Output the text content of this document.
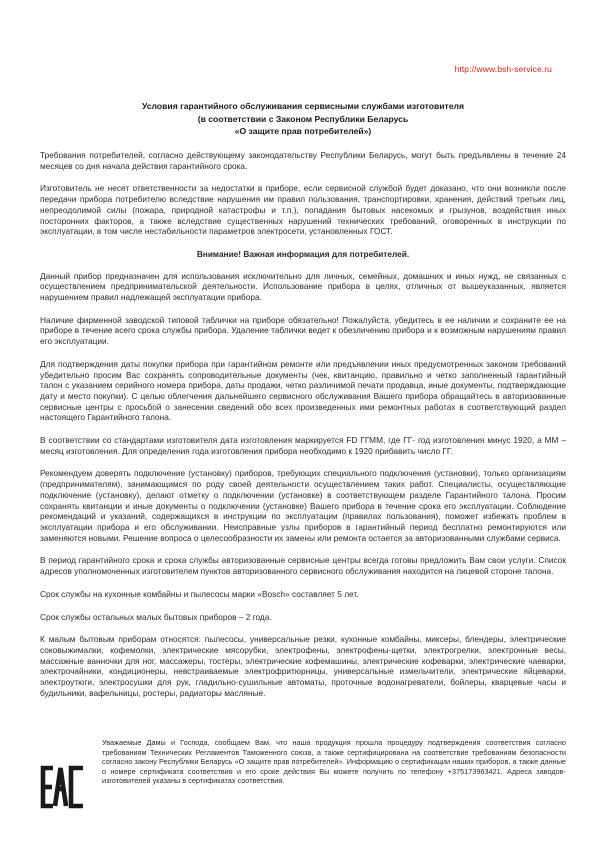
http://www.bsh-service.ru
Условия гарантийного обслуживания сервисными службами изготовителя
(в соответствии с Законом Республики Беларусь
«О защите прав потребителей»)

Требования потребителей, согласно действующему законодательству Республики Беларусь, могут быть предъявлены в течение 24 месяцев со дня начала действия гарантийного срока.

Изготовитель не несет ответственности за недостатки в приборе, если сервисной службой будет доказано, что они возникли после передачи прибора потребителю вследствие нарушения им правил пользования, транспортировки, хранения, действий третьих лиц, непреодолимой силы (пожара, природной катастрофы и т.п.), попадания бытовых насекомых и грызунов, воздействия иных посторонних факторов, а также вследствие существенных нарушений технических требований, оговоренных в инструкции по эксплуатации, в том числе нестабильности параметров электросети, установленных ГОСТ.

Внимание! Важная информация для потребителей.

Данный прибор предназначен для использования исключительно для личных, семейных, домашних и иных нужд, не связанных с осуществлением предпринимательской деятельности. Использование прибора в целях, отличных от вышеуказанных, является нарушением правил надлежащей эксплуатации прибора.

Наличие фирменной заводской типовой таблички на приборе обязательно! Пожалуйста, убедитесь в ее наличии и сохраните ее на приборе в течение всего срока службы прибора. Удаление таблички ведет к обезличению прибора и к возможным нарушениям правил его эксплуатации.

Для подтверждения даты покупки прибора при гарантийном ремонте или предъявлении иных предусмотренных законом требований убедительно просим Вас сохранять сопроводительные документы (чек, квитанцию, правильно и четко заполненный гарантийный талон с указанием серийного номера прибора, даты продажи, четко различимой печати продавца, иные документы, подтверждающие дату и место покупки). С целью облегчения дальнейшего сервисного обслуживания Вашего прибора обращайтесь в авторизованные сервисные центры с просьбой о занесении сведений обо всех произведенных ими ремонтных работах в соответствующий раздел настоящего Гарантийного талона.

В соответствии со стандартами изготовителя дата изготовления маркируется FD ГГММ, где ГГ- год изготовления минус 1920, а ММ – месяц изготовления. Для определения года изготовления прибора необходимо к 1920 прибавить число ГГ.

Рекомендуем доверять подключение (установку) приборов, требующих специального подключения (установки), только организациям (предпринимателям), занимающимся по роду своей деятельности осуществлением таких работ. Специалисты, осуществляющие подключение (установку), делают отметку о подключении (установке) в соответствующем разделе Гарантийного талона. Просим сохранять квитанции и иные документы о подключении (установке) Вашего прибора в течение срока его эксплуатации. Соблюдение рекомендаций и указаний, содержащихся в инструкции по эксплуатации (правилах пользования), поможет избежать проблем в эксплуатации прибора и его обслуживании. Неисправные узлы приборов в гарантийный период бесплатно ремонтируются или заменяются новыми. Решение вопроса о целесообразности их замены или ремонта остается за авторизованными службами сервиса.

В период гарантийного срока и срока службы авторизованные сервисные центры всегда готовы предложить Вам свои услуги. Список адресов уполномоченных изготовителем пунктов авторизованного сервисного обслуживания находится на лицевой стороне талона.

Срок службы на кухонные комбайны и пылесосы марки «Bosch» составляет 5 лет.

Срок службы остальных малых бытовых приборов – 2 года.

К малым бытовым приборам относятся: пылесосы, универсальные резки, кухонные комбайны, миксеры, блендеры, электрические соковыжималки, кофемолки, электрические мясорубки, электрофены, электрофены-щетки, электрогрелки, электронные весы, массажные ванночки для ног, массажеры, тостеры, электрические кофемашины, электрические кофеварки, электрические чаеварки, электрочайники, кондиционеры, невстраиваемые электрофритюрницы, универсальные измельчители, электрические яйцеварки, электроутюги, электросушки для рук, гладильно-сушильные автоматы, проточные водонагреватели, бойлеры, кварцевые часы и будильники, вафельницы, ростеры, радиаторы масляные.

Уважаемые Дамы и Господа, сообщаем Вам, что наша продукция прошла процедуру подтверждения соответствия согласно требованиям Технических Регламентов Таможенного союза, а также сертифицирована на соответствие требованиям безопасности согласно закону Республики Беларусь «О защите прав потребителей». Информацию о сертификации наших приборов, а также данные о номере сертификата соответствия и его сроке действия Вы можете получить по телефону +375173963421. Адреса заводов-изготовителей указаны в сертификатах соответствия.
